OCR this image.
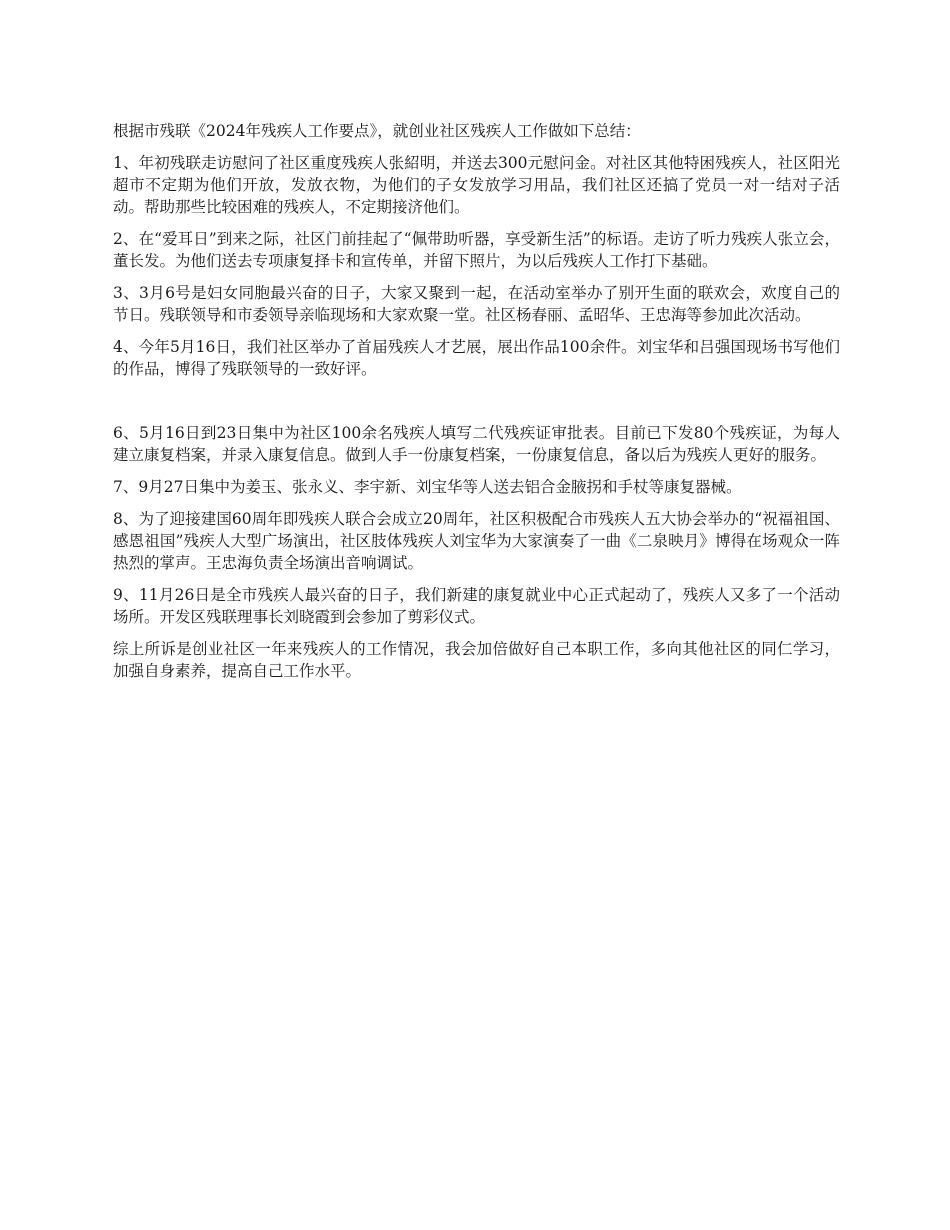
根据市残联《2024年残疾人工作要点》，就创业社区残疾人工作做如下总结：

1、年初残联走访慰问了社区重度残疾人张紹明，并送去300元慰问金。对社区其他特困残疾人，社区阳光超市不定期为他们开放，发放衣物，为他们的子女发放学习用品，我们社区还搞了党员一对一结对子活动。帮助那些比较困难的残疾人，不定期接济他们。

2、在“爱耳日”到来之际，社区门前挂起了“佩带助听器，享受新生活”的标语。走访了听力残疾人张立会，董长发。为他们送去专项康复择卡和宣传单，并留下照片，为以后残疾人工作打下基础。

3、3月6号是妇女同胞最兴奋的日子，大家又聚到一起，在活动室举办了别开生面的联欢会，欢度自己的节日。残联领导和市委领导亲临现场和大家欢聚一堂。社区杨春丽、孟昭华、王忠海等参加此次活动。

4、今年5月16日，我们社区举办了首届残疾人才艺展，展出作品100余件。刘宝华和吕强国现场书写他们的作品，博得了残联领导的一致好评。

6、5月16日到23日集中为社区100余名残疾人填写二代残疾证审批表。目前已下发80个残疾证，为每人建立康复档案，并录入康复信息。做到人手一份康复档案，一份康复信息，备以后为残疾人更好的服务。

7、9月27日集中为姜玉、张永义、李宇新、刘宝华等人送去铝合金腋拐和手杖等康复器械。

8、为了迎接建国60周年即残疾人联合会成立20周年，社区积极配合市残疾人五大协会举办的“祝福祖国、感恩祖国”残疾人大型广场演出，社区肢体残疾人刘宝华为大家演奏了一曲《二泉映月》博得在场观众一阵热烈的掌声。王忠海负责全场演出音响调试。

9、11月26日是全市残疾人最兴奋的日子，我们新建的康复就业中心正式起动了，残疾人又多了一个活动场所。开发区残联理事长刘晓霞到会参加了剪彩仪式。

综上所诉是创业社区一年来残疾人的工作情况，我会加倍做好自己本职工作，多向其他社区的同仁学习，加强自身素养，提高自己工作水平。
